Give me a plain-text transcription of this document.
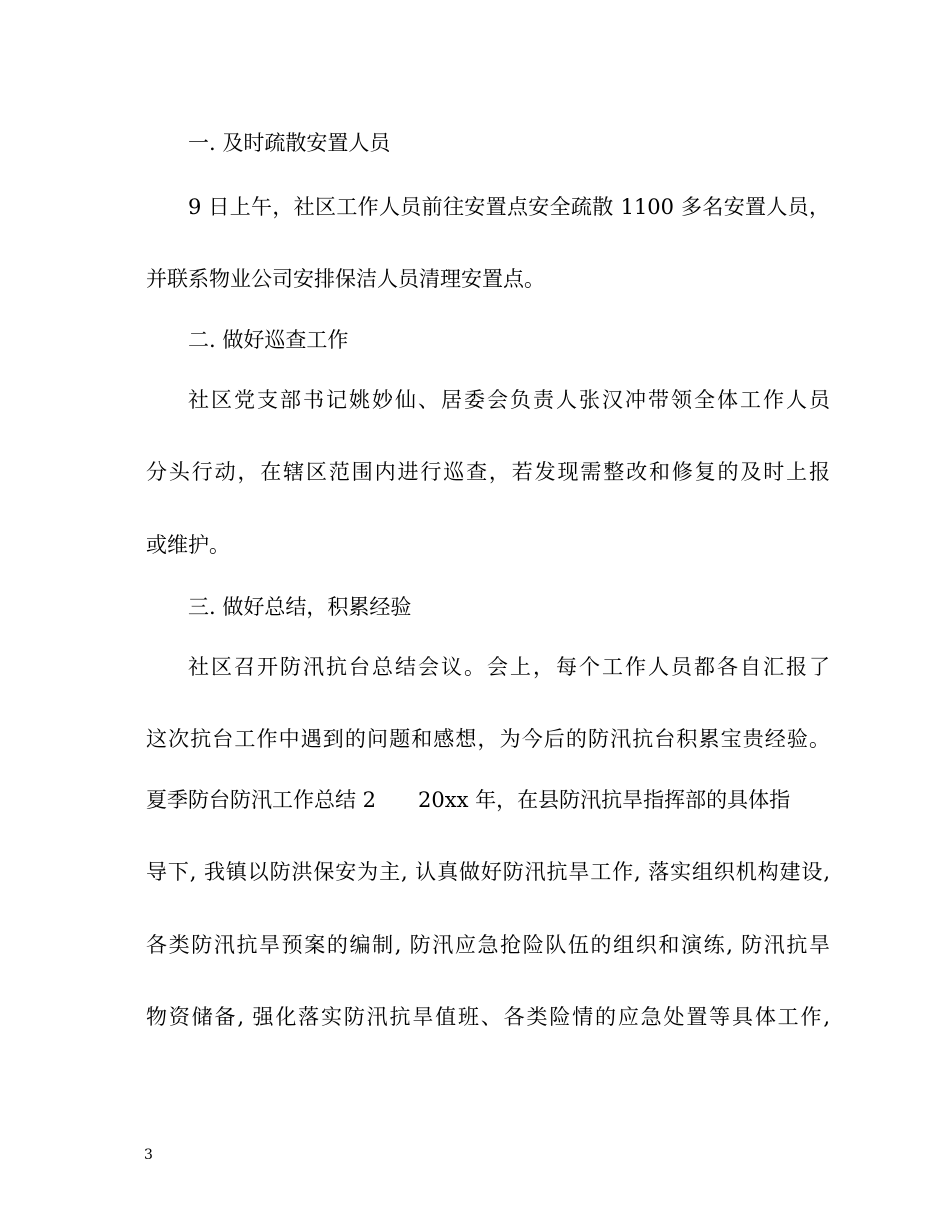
一. 及时疏散安置人员
9 日上午，社区工作人员前往安置点安全疏散 1100 多名安置人员，
并联系物业公司安排保洁人员清理安置点。
二. 做好巡查工作
社区党支部书记姚妙仙、居委会负责人张汉冲带领全体工作人员
分头行动，在辖区范围内进行巡查，若发现需整改和修复的及时上报
或维护。
三. 做好总结，积累经验
社区召开防汛抗台总结会议。会上，每个工作人员都各自汇报了
这次抗台工作中遇到的问题和感想，为今后的防汛抗台积累宝贵经验。
夏季防台防汛工作总结 2 20xx 年，在县防汛抗旱指挥部的具体指
导下, 我镇以防洪保安为主, 认真做好防汛抗旱工作, 落实组织机构建设,
各类防汛抗旱预案的编制, 防汛应急抢险队伍的组织和演练, 防汛抗旱
物资储备, 强化落实防汛抗旱值班、各类险情的应急处置等具体工作,
3
